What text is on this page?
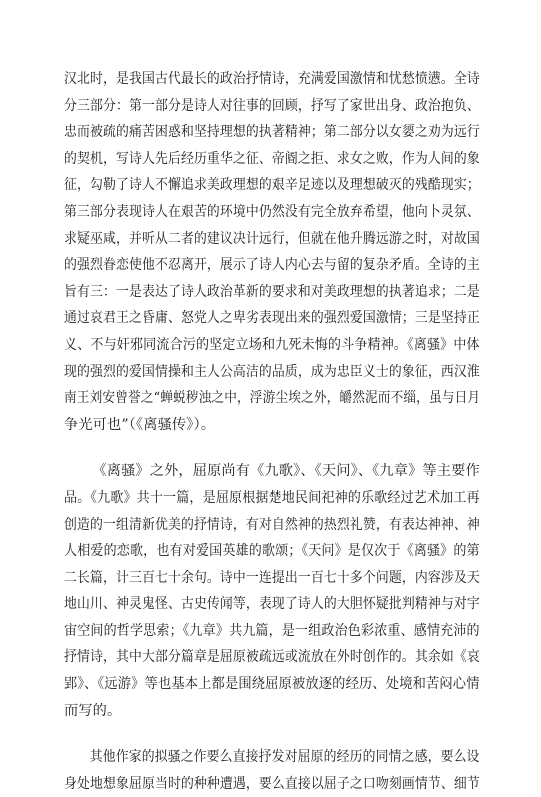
汉北时，是我国古代最长的政治抒情诗，充满爱国激情和忧愁愤懑。全诗
分三部分：第一部分是诗人对往事的回顾，抒写了家世出身、政治抱负、
忠而被疏的痛苦困惑和坚持理想的执著精神；第二部分以女媭之劝为远行
的契机，写诗人先后经历重华之征、帝阍之拒、求女之败，作为人间的象
征，勾勒了诗人不懈追求美政理想的艰辛足迹以及理想破灭的残酷现实；
第三部分表现诗人在艰苦的环境中仍然没有完全放弃希望，他向卜灵氛、
求疑巫咸，并听从二者的建议决计远行，但就在他升腾远游之时，对故国
的强烈眷恋使他不忍离开，展示了诗人内心去与留的复杂矛盾。全诗的主
旨有三：一是表达了诗人政治革新的要求和对美政理想的执著追求；二是
通过哀君王之昏庸、怒党人之卑劣表现出来的强烈爱国激情；三是坚持正
义、不与奸邪同流合污的坚定立场和九死未悔的斗争精神。《离骚》中体
现的强烈的爱国情操和主人公高洁的品质，成为忠臣义士的象征，西汉淮
南王刘安曾誉之“蝉蜕秽浊之中，浮游尘埃之外，皭然泥而不缁，虽与日月
争光可也”（《离骚传》）。

《离骚》之外，屈原尚有《九歌》、《天问》、《九章》等主要作
品。《九歌》共十一篇，是屈原根据楚地民间祀神的乐歌经过艺术加工再
创造的一组清新优美的抒情诗，有对自然神的热烈礼赞，有表达神神、神
人相爱的恋歌，也有对爱国英雄的歌颂；《天问》是仅次于《离骚》的第
二长篇，计三百七十余句。诗中一连提出一百七十多个问题，内容涉及天
地山川、神灵鬼怪、古史传闻等，表现了诗人的大胆怀疑批判精神与对宇
宙空间的哲学思索；《九章》共九篇，是一组政治色彩浓重、感情充沛的
抒情诗，其中大部分篇章是屈原被疏远或流放在外时创作的。其余如《哀
郢》、《远游》等也基本上都是围绕屈原被放逐的经历、处境和苦闷心情
而写的。

其他作家的拟骚之作要么直接抒发对屈原的经历的同情之感，要么设
身处地想象屈原当时的种种遭遇，要么直接以屈子之口吻刻画情节、细节
